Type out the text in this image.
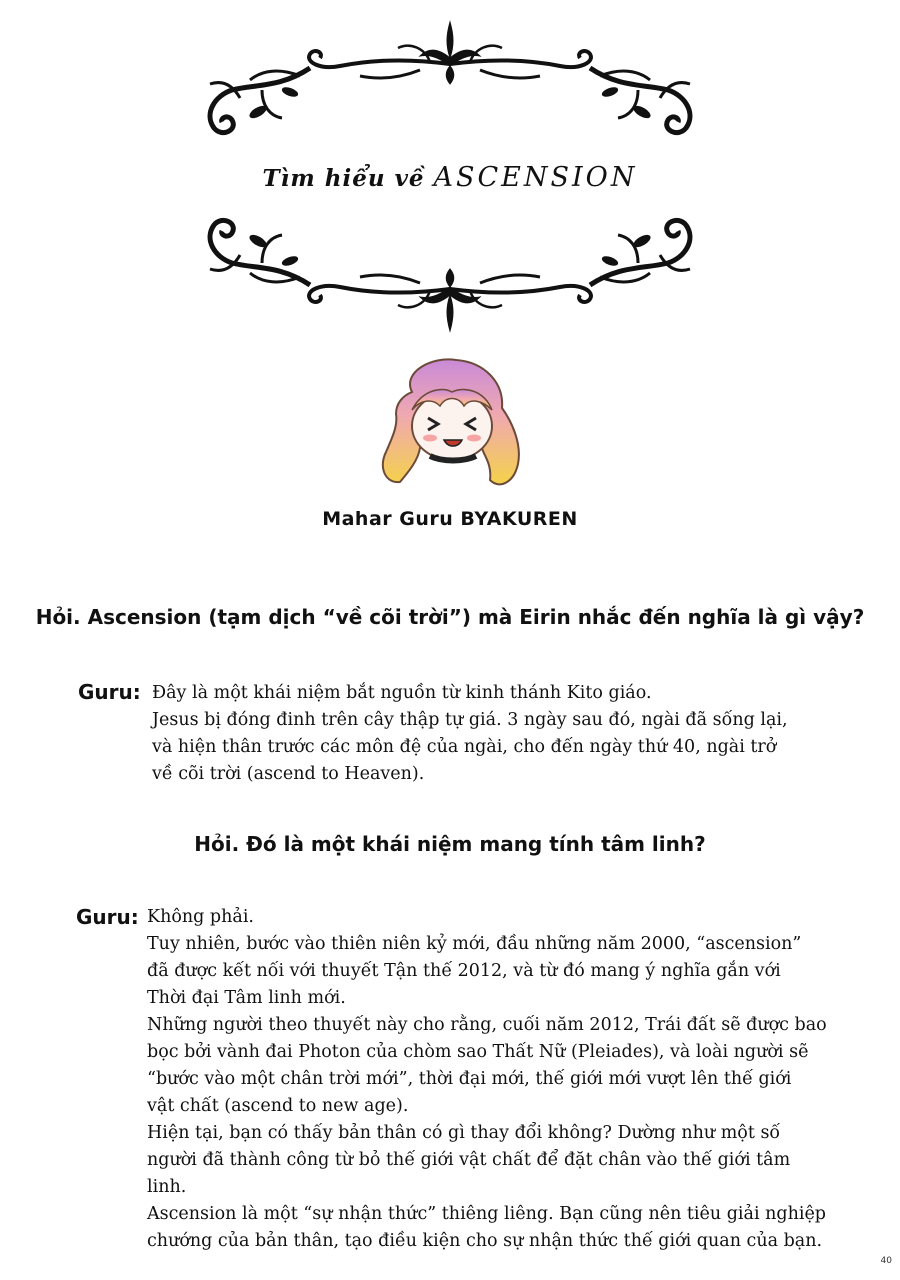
Tìm hiểu về ASCENSION
Mahar Guru BYAKUREN
Hỏi. Ascension (tạm dịch “về cõi trời”) mà Eirin nhắc đến nghĩa là gì vậy?
Guru: Đây là một khái niệm bắt nguồn từ kinh thánh Kito giáo.
Jesus bị đóng đinh trên cây thập tự giá. 3 ngày sau đó, ngài đã sống lại,
và hiện thân trước các môn đệ của ngài, cho đến ngày thứ 40, ngài trở
về cõi trời (ascend to Heaven).
Hỏi. Đó là một khái niệm mang tính tâm linh?
Guru: Không phải.
Tuy nhiên, bước vào thiên niên kỷ mới, đầu những năm 2000, “ascension”
đã được kết nối với thuyết Tận thế 2012, và từ đó mang ý nghĩa gắn với
Thời đại Tâm linh mới.
Những người theo thuyết này cho rằng, cuối năm 2012, Trái đất sẽ được bao
bọc bởi vành đai Photon của chòm sao Thất Nữ (Pleiades), và loài người sẽ
“bước vào một chân trời mới”, thời đại mới, thế giới mới vượt lên thế giới
vật chất (ascend to new age).
Hiện tại, bạn có thấy bản thân có gì thay đổi không? Dường như một số
người đã thành công từ bỏ thế giới vật chất để đặt chân vào thế giới tâm
linh.
Ascension là một “sự nhận thức” thiêng liêng. Bạn cũng nên tiêu giải nghiệp
chướng của bản thân, tạo điều kiện cho sự nhận thức thế giới quan của bạn.
40
